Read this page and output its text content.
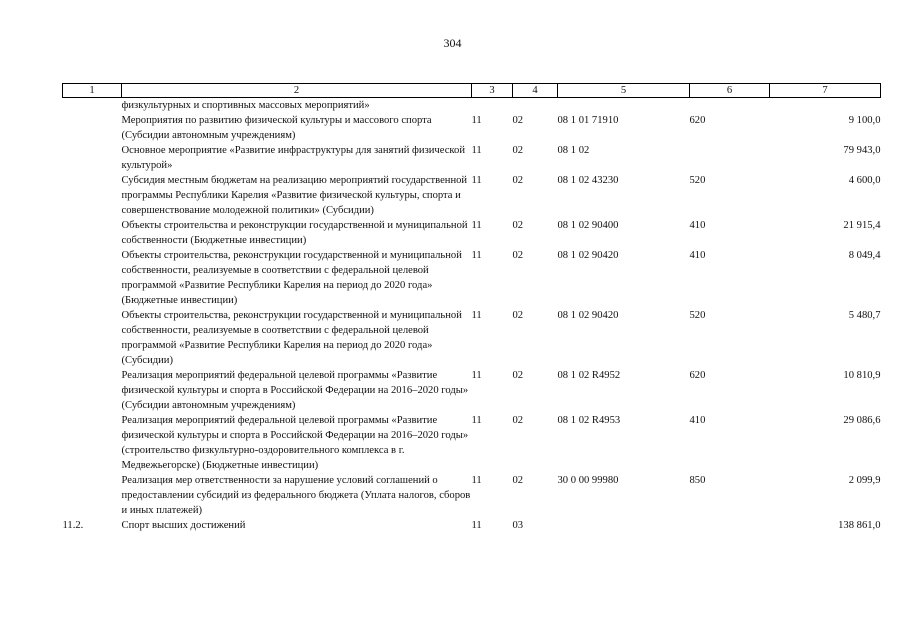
304
1	2	3	4	5	6	7
	физкультурных и спортивных массовых мероприятий»					
	Мероприятия по развитию физической культуры и массового спорта (Субсидии автономным учреждениям)	11	02	08 1 01 71910	620	9 100,0
	Основное мероприятие «Развитие инфраструктуры для занятий физической культурой»	11	02	08 1 02		79 943,0
	Субсидия местным бюджетам на реализацию мероприятий государственной программы Республики Карелия «Развитие физической культуры, спорта и совершенствование молодежной политики» (Субсидии)	11	02	08 1 02 43230	520	4 600,0
	Объекты строительства и реконструкции государственной и муниципальной собственности (Бюджетные инвестиции)	11	02	08 1 02 90400	410	21 915,4
	Объекты строительства, реконструкции государственной и муниципальной собственности, реализуемые в соответствии с федеральной целевой программой «Развитие Республики Карелия на период до 2020 года» (Бюджетные инвестиции)	11	02	08 1 02 90420	410	8 049,4
	Объекты строительства, реконструкции государственной и муниципальной собственности, реализуемые в соответствии с федеральной целевой программой «Развитие Республики Карелия на период до 2020 года» (Субсидии)	11	02	08 1 02 90420	520	5 480,7
	Реализация мероприятий федеральной целевой программы «Развитие физической культуры и спорта в Российской Федерации на 2016–2020 годы» (Субсидии автономным учреждениям)	11	02	08 1 02 R4952	620	10 810,9
	Реализация мероприятий федеральной целевой программы «Развитие физической культуры и спорта в Российской Федерации на 2016–2020 годы» (строительство физкультурно-оздоровительного комплекса в г. Медвежьегорске) (Бюджетные инвестиции)	11	02	08 1 02 R4953	410	29 086,6
	Реализация мер ответственности за нарушение условий соглашений о предоставлении субсидий из федерального бюджета (Уплата налогов, сборов и иных платежей)	11	02	30 0 00 99980	850	2 099,9
11.2.	Спорт высших достижений	11	03			138 861,0
